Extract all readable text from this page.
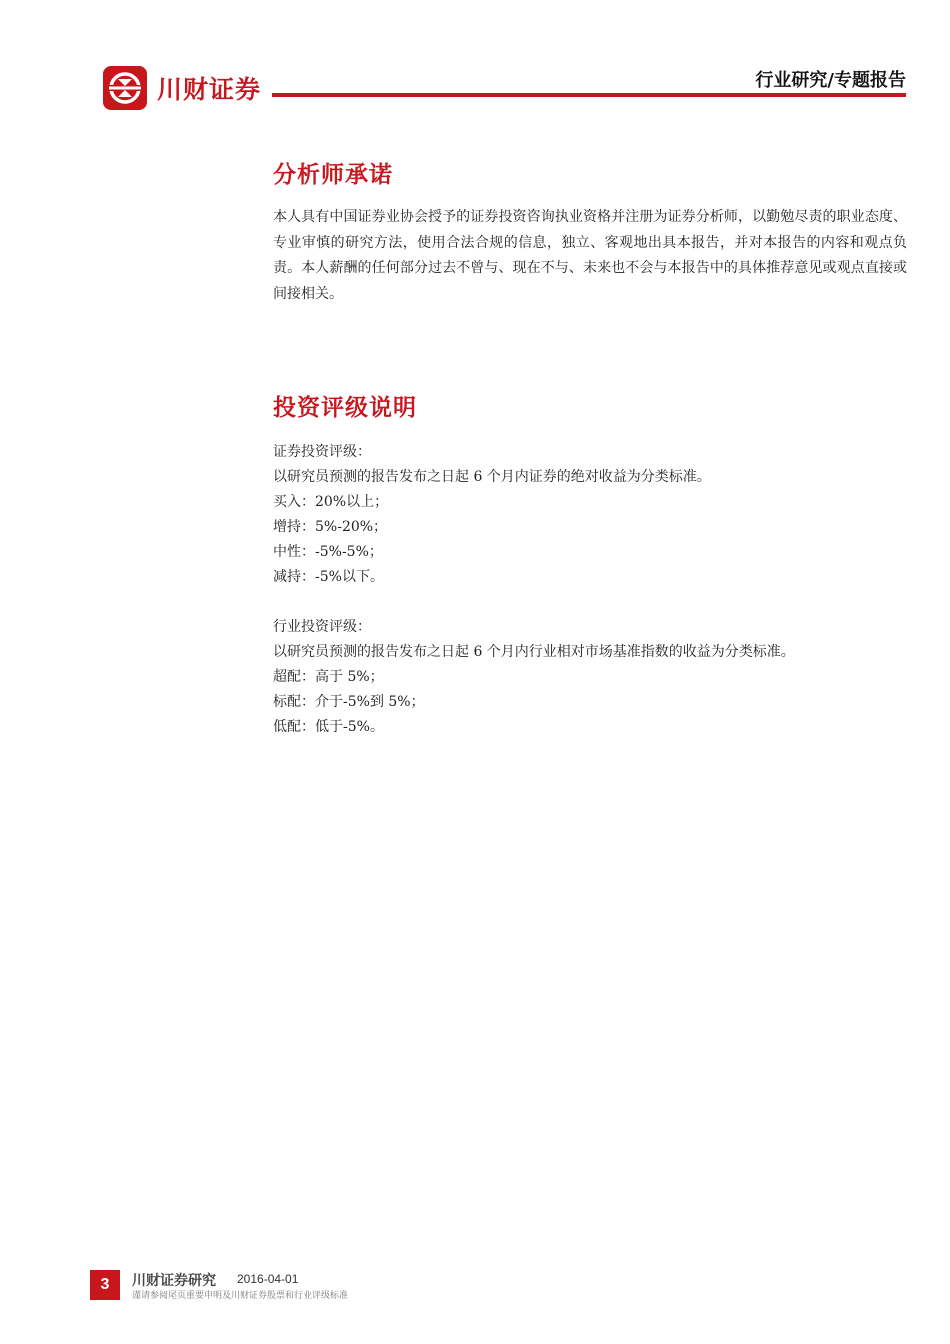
川财证券	行业研究/专题报告
分析师承诺
本人具有中国证券业协会授予的证券投资咨询执业资格并注册为证券分析师，以勤勉尽责的职业态度、专业审慎的研究方法，使用合法合规的信息，独立、客观地出具本报告，并对本报告的内容和观点负责。本人薪酬的任何部分过去不曾与、现在不与、未来也不会与本报告中的具体推荐意见或观点直接或间接相关。
投资评级说明
证券投资评级：
以研究员预测的报告发布之日起 6 个月内证券的绝对收益为分类标准。
买入：20%以上；
增持：5%-20%；
中性：-5%-5%；
减持：-5%以下。
行业投资评级：
以研究员预测的报告发布之日起 6 个月内行业相对市场基准指数的收益为分类标准。
超配：高于 5%；
标配：介于-5%到 5%；
低配：低于-5%。
3	川财证券研究 2016-04-01
谨请参阅尾页重要申明及川财证券股票和行业评级标准
